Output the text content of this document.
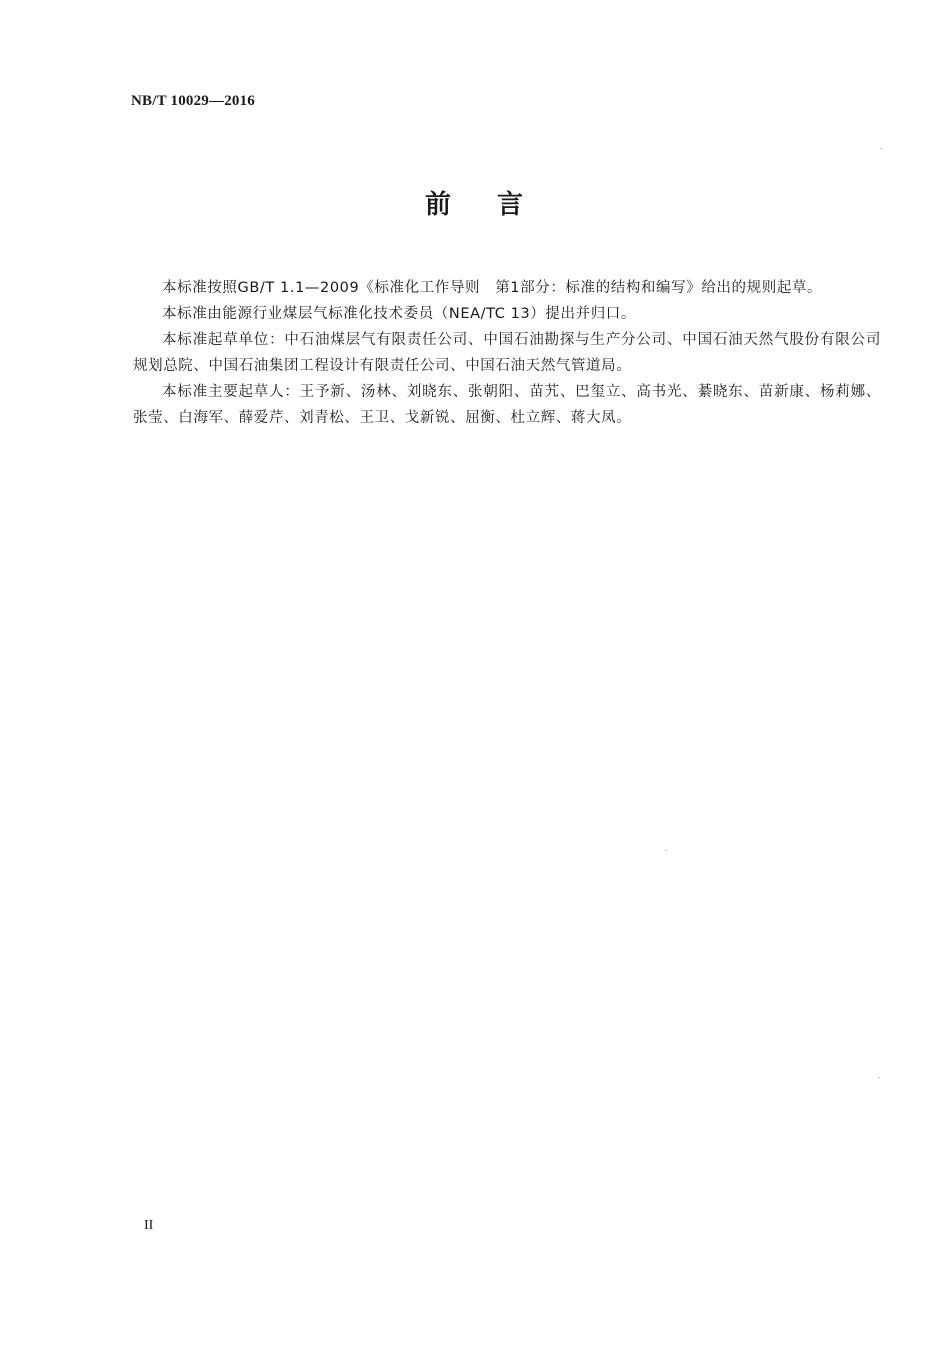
NB/T 10029—2016
前 言

本标准按照GB/T 1.1—2009《标准化工作导则　第1部分：标准的结构和编写》给出的规则起草。

本标准由能源行业煤层气标准化技术委员（NEA/TC 13）提出并归口。

本标准起草单位：中石油煤层气有限责任公司、中国石油勘探与生产分公司、中国石油天然气股份有限公司规划总院、中国石油集团工程设计有限责任公司、中国石油天然气管道局。

本标准主要起草人：王予新、汤林、刘晓东、张朝阳、苗艽、巴玺立、高书光、綦晓东、苗新康、杨莉娜、张莹、白海军、薛爱芹、刘青松、王卫、戈新锐、屈衡、杜立辉、蒋大凤。

II
